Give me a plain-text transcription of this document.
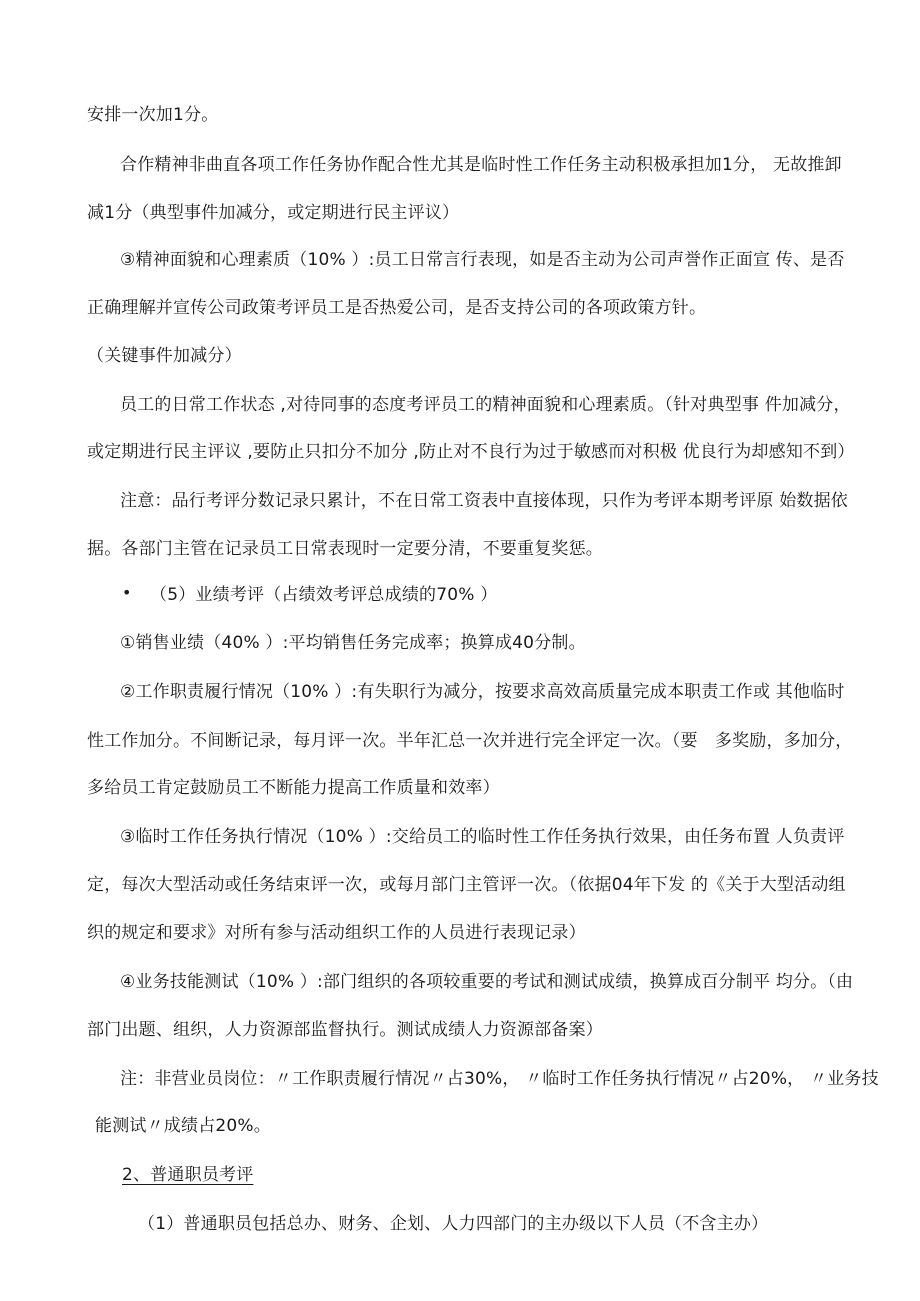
安排一次加1分。
合作精神非曲直各项工作任务协作配合性尤其是临时性工作任务主动积极承担加1分， 无故推卸
减1分（典型事件加减分，或定期进行民主评议）
③精神面貌和心理素质（10% ）:员工日常言行表现，如是否主动为公司声誉作正面宣 传、是否
正确理解并宣传公司政策考评员工是否热爱公司，是否支持公司的各项政策方针。
（关键事件加减分）
员工的日常工作状态 ,对待同事的态度考评员工的精神面貌和心理素质。（针对典型事 件加减分，
或定期进行民主评议 ,要防止只扣分不加分 ,防止对不良行为过于敏感而对积极 优良行为却感知不到）
注意：品行考评分数记录只累计，不在日常工资表中直接体现，只作为考评本期考评原 始数据依
据。各部门主管在记录员工日常表现时一定要分清，不要重复奖惩。
• （5）业绩考评（占绩效考评总成绩的70% ）
①销售业绩（40% ）:平均销售任务完成率；换算成40分制。
②工作职责履行情况（10% ）:有失职行为减分，按要求高效高质量完成本职责工作或 其他临时
性工作加分。不间断记录，每月评一次。半年汇总一次并进行完全评定一次。（要　多奖励，多加分，
多给员工肯定鼓励员工不断能力提高工作质量和效率）
③临时工作任务执行情况（10% ）:交给员工的临时性工作任务执行效果，由任务布置 人负责评
定，每次大型活动或任务结束评一次，或每月部门主管评一次。（依据04年下发 的《关于大型活动组
织的规定和要求》对所有参与活动组织工作的人员进行表现记录）
④业务技能测试（10% ）:部门组织的各项较重要的考试和测试成绩，换算成百分制平 均分。（由
部门出题、组织，人力资源部监督执行。测试成绩人力资源部备案）
注：非营业员岗位：〃工作职责履行情况〃占30%， 〃临时工作任务执行情况〃占20%， 〃业务技
能测试〃成绩占20%。
2、普通职员考评
（1）普通职员包括总办、财务、企划、人力四部门的主办级以下人员（不含主办）
